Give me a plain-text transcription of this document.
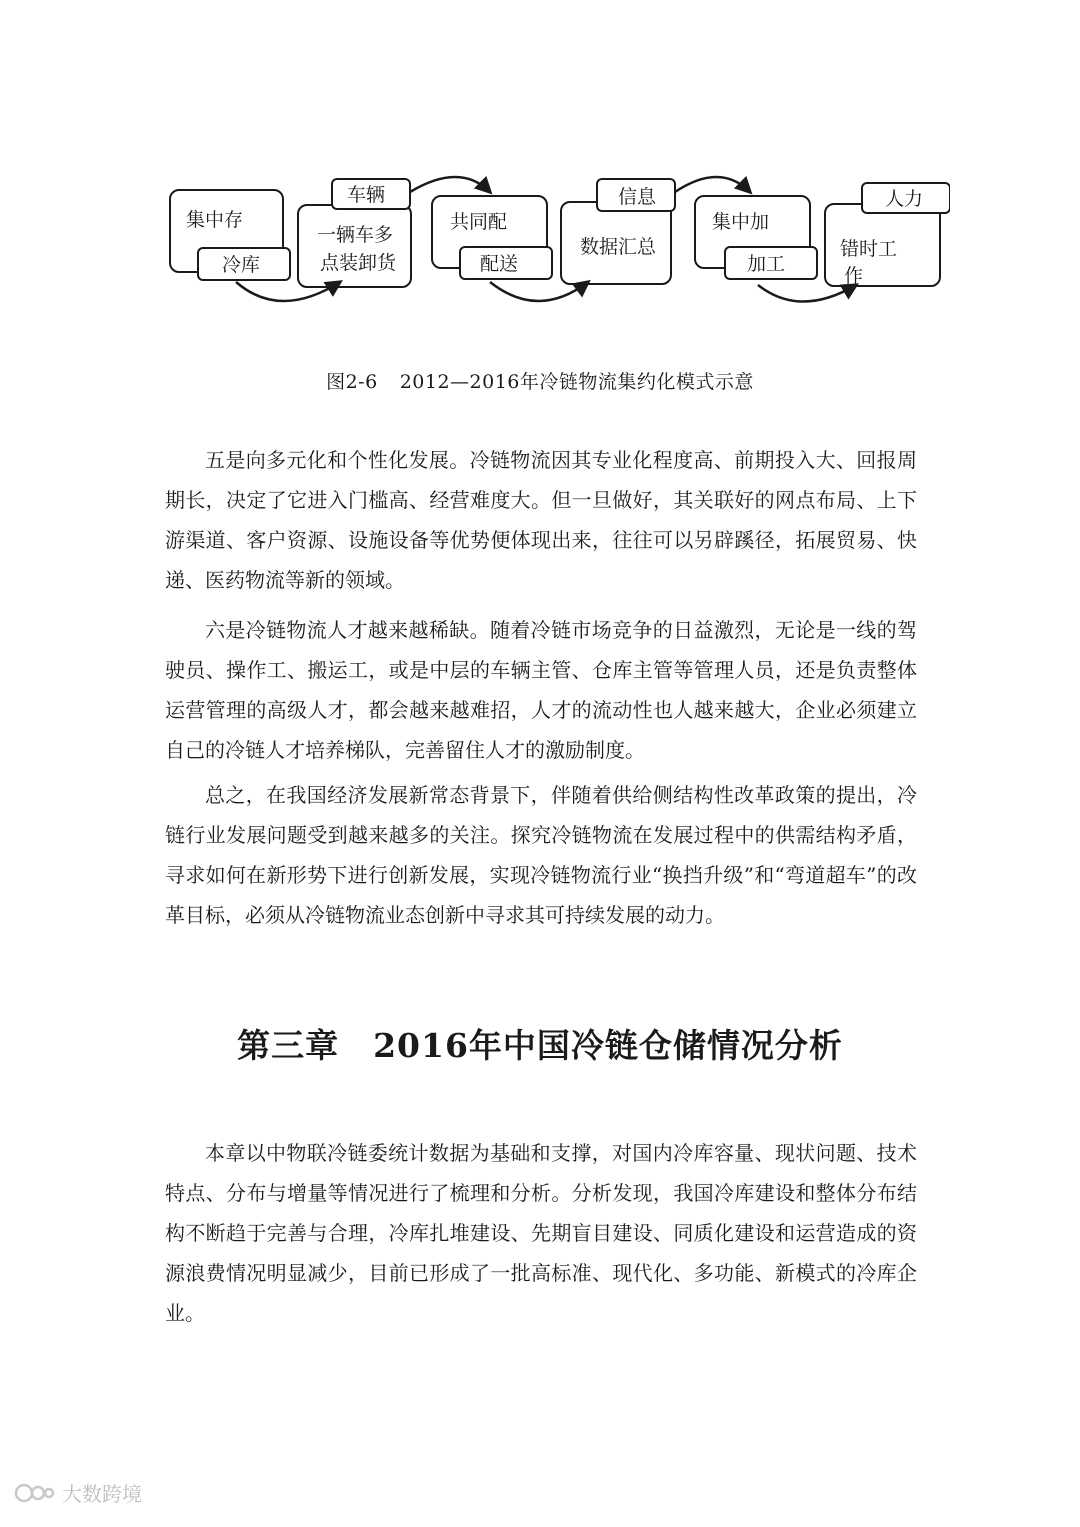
集中存
冷库
车辆
一辆车多
点装卸货
共同配
配送
信息
数据汇总
集中加
加工
人力
错时工
作
图2-6 2012—2016年冷链物流集约化模式示意

五是向多元化和个性化发展。冷链物流因其专业化程度高、前期投入大、回报周期长，决定了它进入门槛高、经营难度大。但一旦做好，其关联好的网点布局、上下游渠道、客户资源、设施设备等优势便体现出来，往往可以另辟蹊径，拓展贸易、快递、医药物流等新的领域。

六是冷链物流人才越来越稀缺。随着冷链市场竞争的日益激烈，无论是一线的驾驶员、操作工、搬运工，或是中层的车辆主管、仓库主管等管理人员，还是负责整体运营管理的高级人才，都会越来越难招，人才的流动性也人越来越大，企业必须建立自己的冷链人才培养梯队，完善留住人才的激励制度。

总之，在我国经济发展新常态背景下，伴随着供给侧结构性改革政策的提出，冷链行业发展问题受到越来越多的关注。探究冷链物流在发展过程中的供需结构矛盾，寻求如何在新形势下进行创新发展，实现冷链物流行业“换挡升级”和“弯道超车”的改革目标，必须从冷链物流业态创新中寻求其可持续发展的动力。

第三章 2016年中国冷链仓储情况分析

本章以中物联冷链委统计数据为基础和支撑，对国内冷库容量、现状问题、技术特点、分布与增量等情况进行了梳理和分析。分析发现，我国冷库建设和整体分布结构不断趋于完善与合理，冷库扎堆建设、先期盲目建设、同质化建设和运营造成的资源浪费情况明显减少，目前已形成了一批高标准、现代化、多功能、新模式的冷库企业。

大数跨境
